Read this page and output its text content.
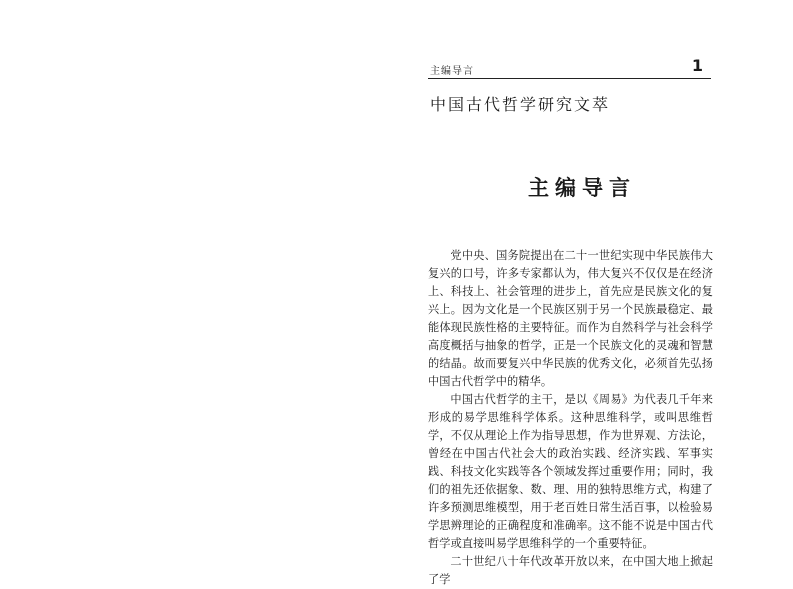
主编导言	1
中国古代哲学研究文萃
主编导言

党中央、国务院提出在二十一世纪实现中华民族伟大复兴的口号，许多专家都认为，伟大复兴不仅仅是在经济上、科技上、社会管理的进步上，首先应是民族文化的复兴上。因为文化是一个民族区别于另一个民族最稳定、最能体现民族性格的主要特征。而作为自然科学与社会科学高度概括与抽象的哲学，正是一个民族文化的灵魂和智慧的结晶。故而要复兴中华民族的优秀文化，必须首先弘扬中国古代哲学中的精华。

中国古代哲学的主干，是以《周易》为代表几千年来形成的易学思维科学体系。这种思维科学，或叫思维哲学，不仅从理论上作为指导思想，作为世界观、方法论，曾经在中国古代社会大的政治实践、经济实践、军事实践、科技文化实践等各个领域发挥过重要作用；同时，我们的祖先还依据象、数、理、用的独特思维方式，构建了许多预测思维模型，用于老百姓日常生活百事，以检验易学思辨理论的正确程度和准确率。这不能不说是中国古代哲学或直接叫易学思维科学的一个重要特征。

二十世纪八十年代改革开放以来，在中国大地上掀起了学
